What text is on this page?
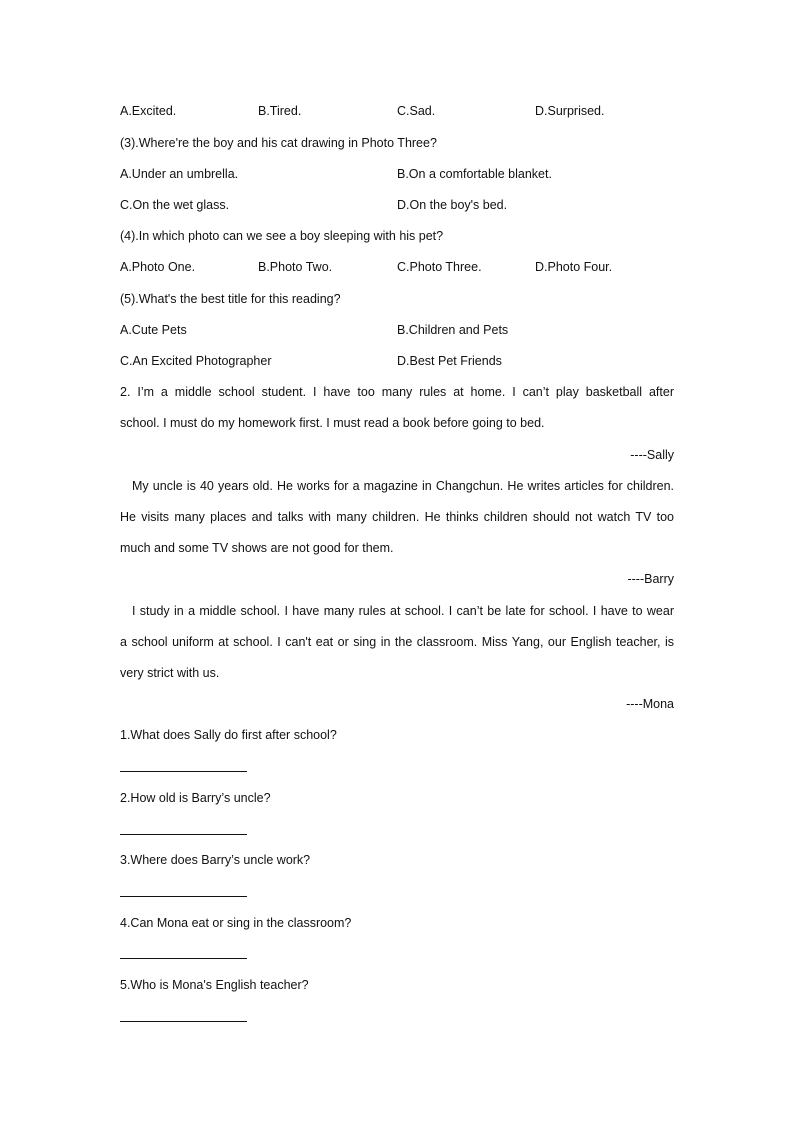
A.Excited.	B.Tired.	C.Sad.	D.Surprised.
(3).Where're the boy and his cat drawing in Photo Three?
A.Under an umbrella.	B.On a comfortable blanket.
C.On the wet glass.	D.On the boy's bed.
(4).In which photo can we see a boy sleeping with his pet?
A.Photo One.	B.Photo Two.	C.Photo Three.	D.Photo Four.
(5).What's the best title for this reading?
A.Cute Pets	B.Children and Pets
C.An Excited Photographer	D.Best Pet Friends
2. I’m a middle school student. I have too many rules at home. I can’t play basketball after
school. I must do my homework first. I must read a book before going to bed.
----Sally
My uncle is 40 years old. He works for a magazine in Changchun. He writes articles for children.
He visits many places and talks with many children. He thinks children should not watch TV too
much and some TV shows are not good for them.
----Barry
I study in a middle school. I have many rules at school. I can’t be late for school. I have to wear
a school uniform at school. I can't eat or sing in the classroom. Miss Yang, our English teacher, is
very strict with us.
----Mona
1.What does Sally do first after school?
2.How old is Barry’s uncle?
3.Where does Barry’s uncle work?
4.Can Mona eat or sing in the classroom?
5.Who is Mona's English teacher?
